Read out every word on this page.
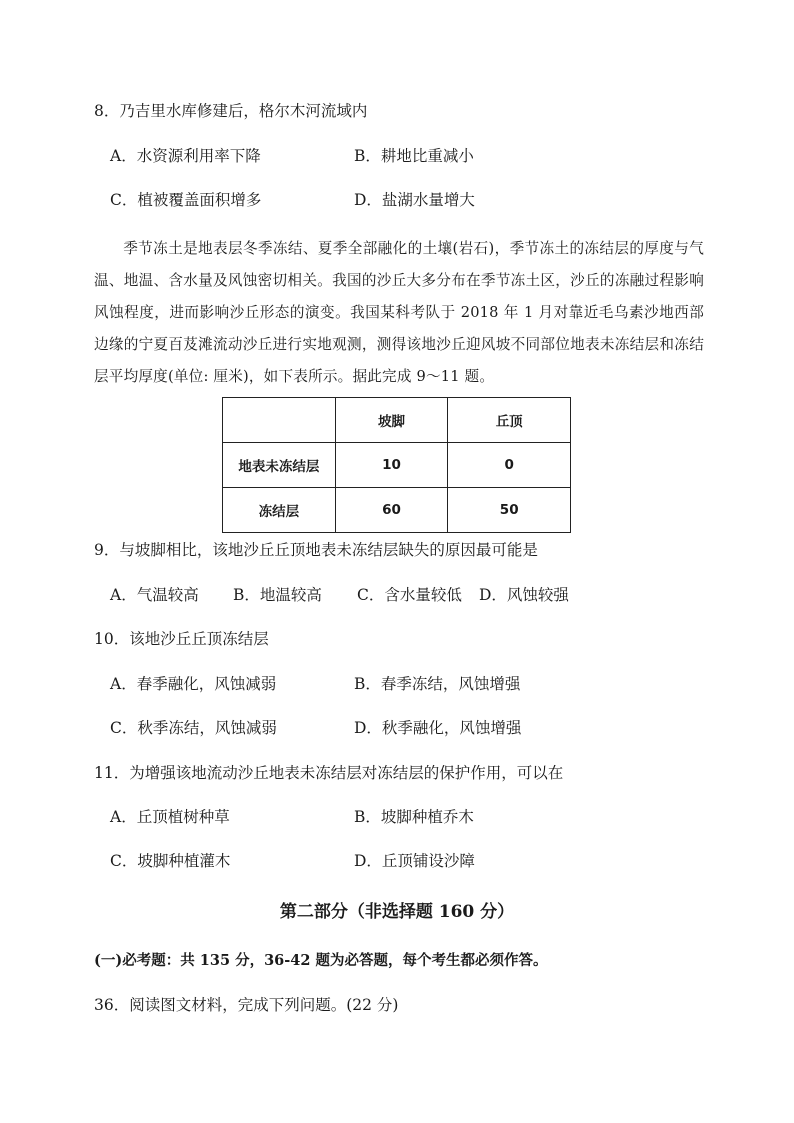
8．乃吉里水库修建后，格尔木河流域内
A．水资源利用率下降	B．耕地比重减小
C．植被覆盖面积增多	D．盐湖水量增大
季节冻土是地表层冬季冻结、夏季全部融化的土壤(岩石)，季节冻土的冻结层的厚度与气温、地温、含水量及风蚀密切相关。我国的沙丘大多分布在季节冻土区，沙丘的冻融过程影响风蚀程度，进而影响沙丘形态的演变。我国某科考队于 2018 年 1 月对靠近毛乌素沙地西部边缘的宁夏百芨滩流动沙丘进行实地观测，测得该地沙丘迎风坡不同部位地表未冻结层和冻结层平均厚度(单位: 厘米)，如下表所示。据此完成 9～11 题。
	坡脚	丘顶
地表未冻结层	10	0
冻结层	60	50
9．与坡脚相比，该地沙丘丘顶地表未冻结层缺失的原因最可能是
A．气温较高 B．地温较高 C．含水量较低 D．风蚀较强
10．该地沙丘丘顶冻结层
A．春季融化，风蚀减弱	B．春季冻结，风蚀增强
C．秋季冻结，风蚀减弱	D．秋季融化，风蚀增强
11．为增强该地流动沙丘地表未冻结层对冻结层的保护作用，可以在
A．丘顶植树种草	B．坡脚种植乔木
C．坡脚种植灌木	D．丘顶铺设沙障
第二部分（非选择题 160 分）
(一)必考题：共 135 分，36-42 题为必答题，每个考生都必须作答。
36．阅读图文材料，完成下列问题。(22 分)
